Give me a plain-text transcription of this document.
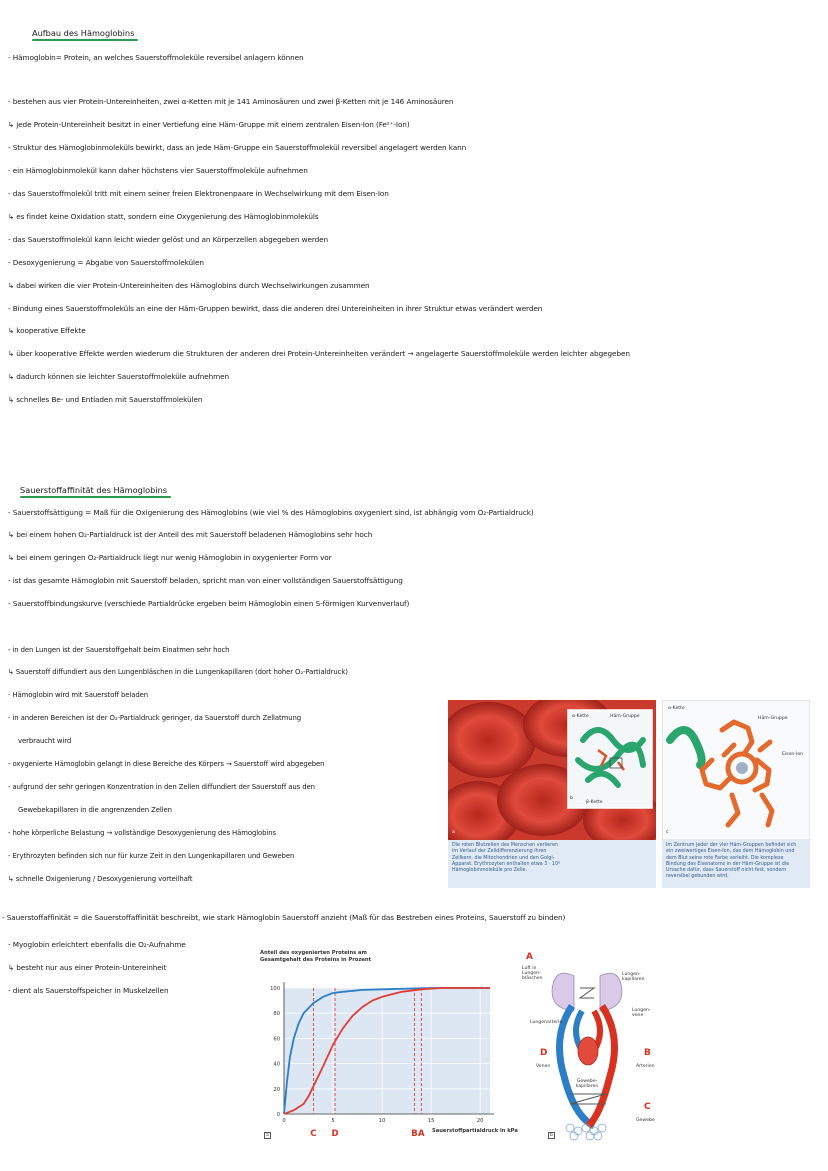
Aufbau des Hämoglobins
- Hämoglobin= Protein, an welches Sauerstoffmoleküle reversibel anlagern können
- bestehen aus vier Protein-Untereinheiten, zwei α-Ketten mit je 141 Aminosäuren und zwei β-Ketten mit je 146 Aminosäuren
↳ jede Protein-Untereinheit besitzt in einer Vertiefung eine Häm-Gruppe mit einem zentralen Eisen-Ion (Fe²⁺-Ion)
- Struktur des Hämoglobinmoleküls bewirkt, dass an jede Häm-Gruppe ein Sauerstoffmolekül reversibel angelagert werden kann
- ein Hämoglobinmolekül kann daher höchstens vier Sauerstoffmoleküle aufnehmen
- das Sauerstoffmolekül tritt mit einem seiner freien Elektronenpaare in Wechselwirkung mit dem Eisen-Ion
↳ es findet keine Oxidation statt, sondern eine Oxygenierung des Hämoglobinmoleküls
- das Sauerstoffmolekül kann leicht wieder gelöst und an Körperzellen abgegeben werden
- Desoxygenierung = Abgabe von Sauerstoffmolekülen
↳ dabei wirken die vier Protein-Untereinheiten des Hämoglobins durch Wechselwirkungen zusammen
- Bindung eines Sauerstoffmoleküls an eine der Häm-Gruppen bewirkt, dass die anderen drei Untereinheiten in ihrer Struktur etwas verändert werden
↳ kooperative Effekte
↳ über kooperative Effekte werden wiederum die Strukturen der anderen drei Protein-Untereinheiten verändert → angelagerte Sauerstoffmoleküle werden leichter abgegeben
↳ dadurch können sie leichter Sauerstoffmoleküle aufnehmen
↳ schnelles Be- und Entladen mit Sauerstoffmolekülen
Sauerstoffaffinität des Hämoglobins
- Sauerstoffsättigung = Maß für die Oxigenierung des Hämoglobins (wie viel % des Hämoglobins oxygeniert sind, ist abhängig vom O₂-Partialdruck)
↳ bei einem hohen O₂-Partialdruck ist der Anteil des mit Sauerstoff beladenen Hämoglobins sehr hoch
↳ bei einem geringen O₂-Partialdruck liegt nur wenig Hämoglobin in oxygenierter Form vor
- ist das gesamte Hämoglobin mit Sauerstoff beladen, spricht man von einer vollständigen Sauerstoffsättigung
- Sauerstoffbindungskurve (verschiede Partialdrücke ergeben beim Hämoglobin einen S-förmigen Kurvenverlauf)
- in den Lungen ist der Sauerstoffgehalt beim Einatmen sehr hoch
↳ Sauerstoff diffundiert aus den Lungenbläschen in die Lungenkapillaren (dort hoher O₂-Partialdruck)
- Hämoglobin wird mit Sauerstoff beladen
- in anderen Bereichen ist der O₂-Partialdruck geringer, da Sauerstoff durch Zellatmung
verbraucht wird
- oxygenierte Hämoglobin gelangt in diese Bereiche des Körpers → Sauerstoff wird abgegeben
- aufgrund der sehr geringen Konzentration in den Zellen diffundiert der Sauerstoff aus den
Gewebekapillaren in die angrenzenden Zellen
- hohe körperliche Belastung → vollständige Desoxygenierung des Hämoglobins
- Erythrozyten befinden sich nur für kurze Zeit in den Lungenkapillaren und Geweben
↳ schnelle Oxigenierung / Desoxygenierung vorteilhaft
- Sauerstoffaffinität = die Sauerstoffaffinität beschreibt, wie stark Hämoglobin Sauerstoff anzieht (Maß für das Bestreben eines Proteins, Sauerstoff zu binden)
- Myoglobin erleichtert ebenfalls die O₂-Aufnahme
↳ besteht nur aus einer Protein-Untereinheit
- dient als Sauerstoffspeicher in Muskelzellen
α-Kette	Häm-Gruppe
β-Kette
a
b
Die roten Blutzellen des Menschen verlieren im Verlauf der Zelldifferenzierung ihren Zellkern, die Mitochondrien und den Golgi-Apparat. Erythrozyten enthalten etwa 3 · 10⁸ Hämoglobinmoleküle pro Zelle.
α-Kette
Häm-Gruppe
Eisen-Ion
c
Im Zentrum jeder der vier Häm-Gruppen befindet sich ein zweiwertiges Eisen-Ion, das dem Hämoglobin und dem Blut seine rote Farbe verleiht. Die komplexe Bindung des Eisenatoms in der Häm-Gruppe ist die Ursache dafür, dass Sauerstoff nicht fest, sondern reversibel gebunden wird.
Anteil des oxygenierten Proteins am Gesamtgehalt des Proteins in Prozent
0
20
40
60
80
100
0	5	10	15	20
C D	B A Sauerstoffpartialdruck in kPa
a
A
Luft in Lungen-bläschen
Lungen-kapillaren
Lungenarterie
Lungen-vene
D
Venen
B
Arterien
Gewebe-kapillaren
C
Gewebe
b
